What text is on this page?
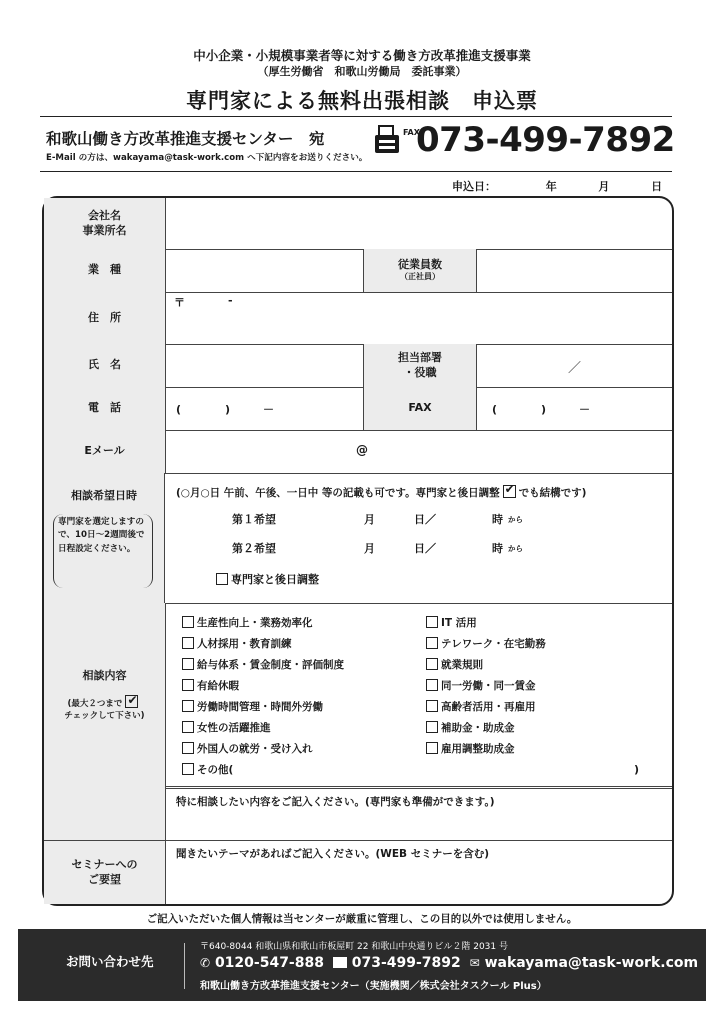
中小企業・小規模事業者等に対する働き方改革推進支援事業
（厚生労働省　和歌山労働局　委託事業）
専門家による無料出張相談　申込票
和歌山働き方改革推進支援センター　宛
E-Mail の方は、wakayama@task-work.com へ下記内容をお送りください。
FAX
073-499-7892
申込日：	年	月	日
会社名
事業所名
業　種	従業員数
（正社員）
住　所
〒	-
氏　名
担当部署
・役職	／
電　話	(　　　　)　　　－	FAX	(　　　　)　　　－
Eメール	@
相談希望日時
専門家を選定しますので、10日～2週間後で日程設定ください。
(○月○日 午前、午後、一日中 等の記載も可です。専門家と後日調整✔ でも結構です)
第１希望	月	日／	時 から
第２希望	月	日／	時 から
専門家と後日調整
相談内容
(最大２つまで✔
チェックして下さい)
生産性向上・業務効率化
人材採用・教育訓練
給与体系・賃金制度・評価制度
有給休暇
労働時間管理・時間外労働
女性の活躍推進
外国人の就労・受け入れ
その他(
IT 活用
テレワーク・在宅勤務
就業規則
同一労働・同一賃金
高齢者活用・再雇用
補助金・助成金
雇用調整助成金
)
特に相談したい内容をご記入ください。(専門家も準備ができます。)
セミナーへの
ご要望
聞きたいテーマがあればご記入ください。(WEB セミナーを含む)
ご記入いただいた個人情報は当センターが厳重に管理し、この目的以外では使用しません。
お問い合わせ先
〒640-8044 和歌山県和歌山市板屋町 22 和歌山中央通りビル２階 2031 号
✆ 0120-547-888 073-499-7892 ✉ wakayama@task-work.com
和歌山働き方改革推進支援センター（実施機関／株式会社タスクール Plus）
